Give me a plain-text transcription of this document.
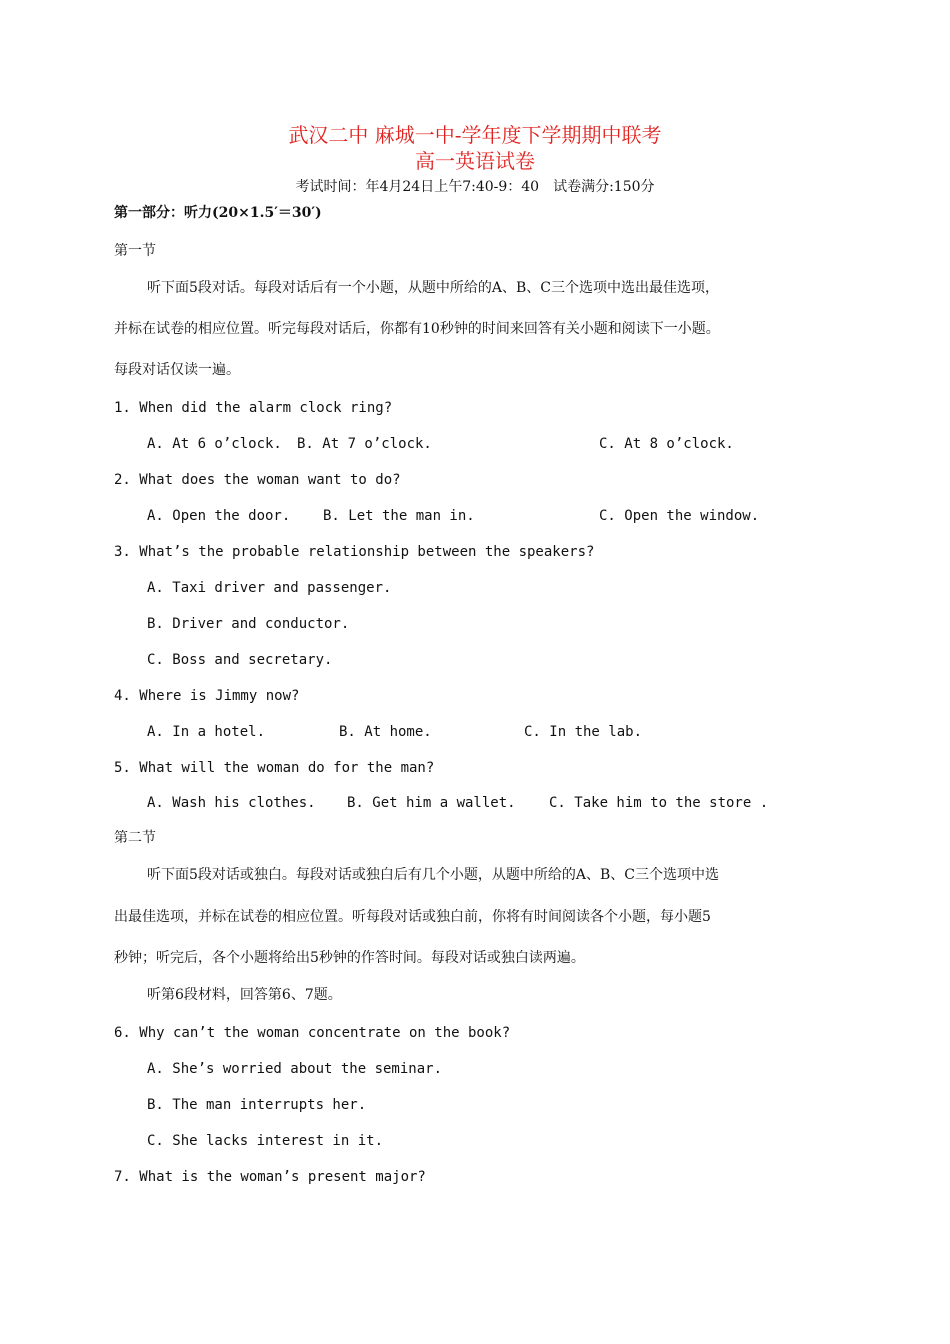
武汉二中 麻城一中-学年度下学期期中联考
高一英语试卷
考试时间：年4月24日上午7:40-9：40　试卷满分:150分
第一部分：听力(20×1.5′＝30′)
第一节
听下面5段对话。每段对话后有一个小题，从题中所给的A、B、C三个选项中选出最佳选项，
并标在试卷的相应位置。听完每段对话后，你都有10秒钟的时间来回答有关小题和阅读下一小题。
每段对话仅读一遍。
1. When did the alarm clock ring?
A. At 6 o’clock. B. At 7 o’clock.	C. At 8 o’clock.
2. What does the woman want to do?
A. Open the door. B. Let the man in.	C. Open the window.
3. What’s the probable relationship between the speakers?
A. Taxi driver and passenger.
B. Driver and conductor.
C. Boss and secretary.
4. Where is Jimmy now?
A. In a hotel.	B. At home.	C. In the lab.
5. What will the woman do for the man?
A. Wash his clothes. B. Get him a wallet. C. Take him to the store .
第二节
听下面5段对话或独白。每段对话或独白后有几个小题，从题中所给的A、B、C三个选项中选
出最佳选项，并标在试卷的相应位置。听每段对话或独白前，你将有时间阅读各个小题，每小题5
秒钟；听完后，各个小题将给出5秒钟的作答时间。每段对话或独白读两遍。
听第6段材料，回答第6、7题。
6. Why can’t the woman concentrate on the book?
A. She’s worried about the seminar.
B. The man interrupts her.
C. She lacks interest in it.
7. What is the woman’s present major?
